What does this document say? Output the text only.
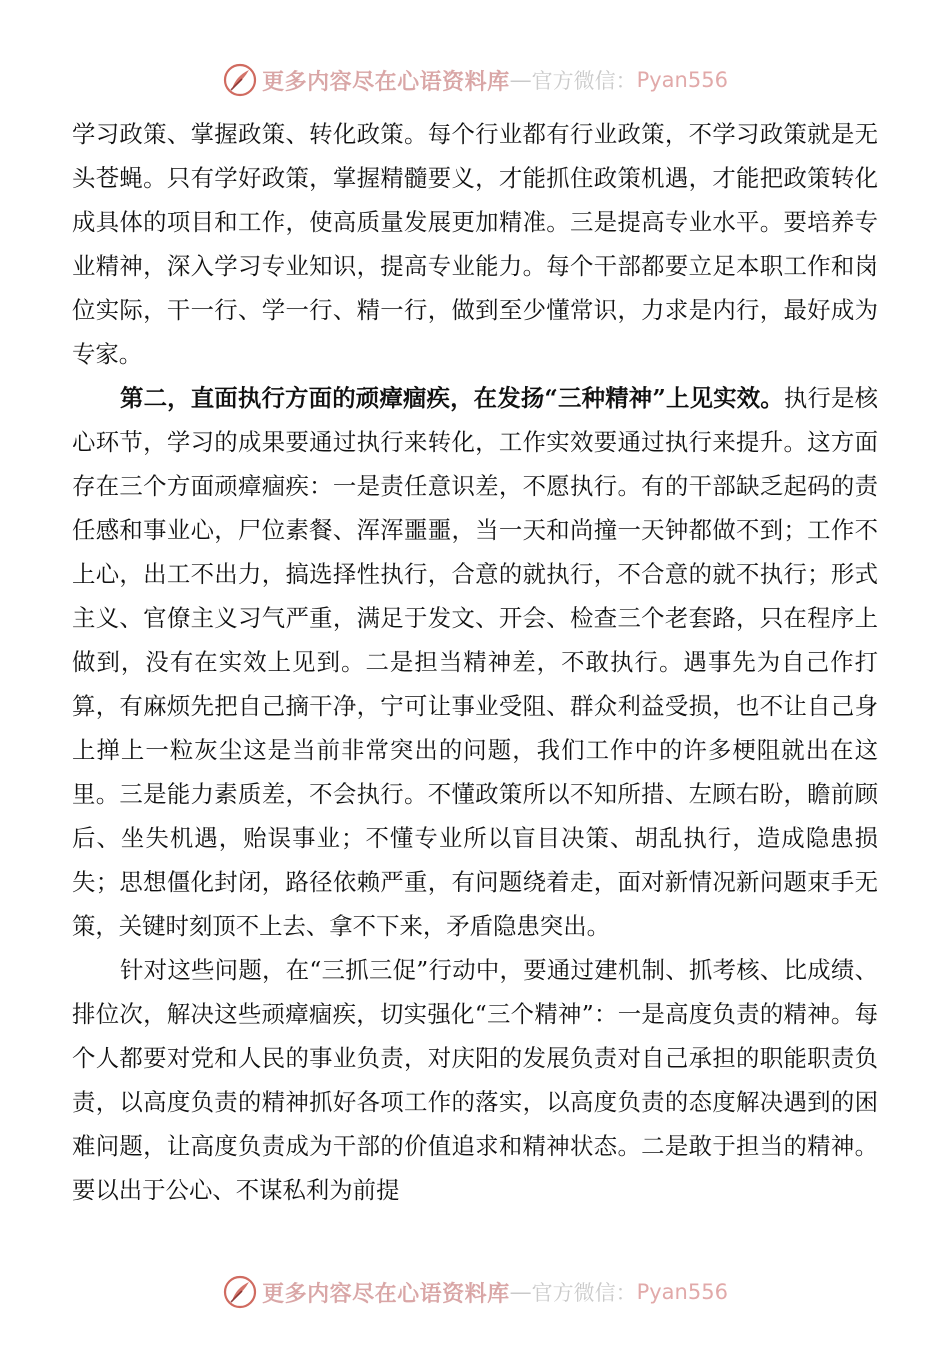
更多内容尽在心语资料库 — 官方微信： Pyan556

学习政策、掌握政策、转化政策。每个行业都有行业政策，不学习政策就是无头苍蝇。只有学好政策，掌握精髓要义，才能抓住政策机遇，才能把政策转化成具体的项目和工作，使高质量发展更加精准。三是提高专业水平。要培养专业精神，深入学习专业知识，提高专业能力。每个干部都要立足本职工作和岗位实际，干一行、学一行、精一行，做到至少懂常识，力求是内行，最好成为专家。

第二，直面执行方面的顽瘴痼疾，在发扬“三种精神”上见实效。执行是核心环节，学习的成果要通过执行来转化，工作实效要通过执行来提升。这方面存在三个方面顽瘴痼疾：一是责任意识差，不愿执行。有的干部缺乏起码的责任感和事业心，尸位素餐、浑浑噩噩，当一天和尚撞一天钟都做不到；工作不上心，出工不出力，搞选择性执行，合意的就执行，不合意的就不执行；形式主义、官僚主义习气严重，满足于发文、开会、检查三个老套路，只在程序上做到，没有在实效上见到。二是担当精神差，不敢执行。遇事先为自己作打算，有麻烦先把自己摘干净，宁可让事业受阻、群众利益受损，也不让自己身上掸上一粒灰尘这是当前非常突出的问题，我们工作中的许多梗阻就出在这里。三是能力素质差，不会执行。不懂政策所以不知所措、左顾右盼，瞻前顾后、坐失机遇，贻误事业；不懂专业所以盲目决策、胡乱执行，造成隐患损失；思想僵化封闭，路径依赖严重，有问题绕着走，面对新情况新问题束手无策，关键时刻顶不上去、拿不下来，矛盾隐患突出。

针对这些问题，在“三抓三促”行动中，要通过建机制、抓考核、比成绩、排位次，解决这些顽瘴痼疾，切实强化“三个精神”：一是高度负责的精神。每个人都要对党和人民的事业负责，对庆阳的发展负责对自己承担的职能职责负责，以高度负责的精神抓好各项工作的落实，以高度负责的态度解决遇到的困难问题，让高度负责成为干部的价值追求和精神状态。二是敢于担当的精神。要以出于公心、不谋私利为前提

更多内容尽在心语资料库 — 官方微信： Pyan556
